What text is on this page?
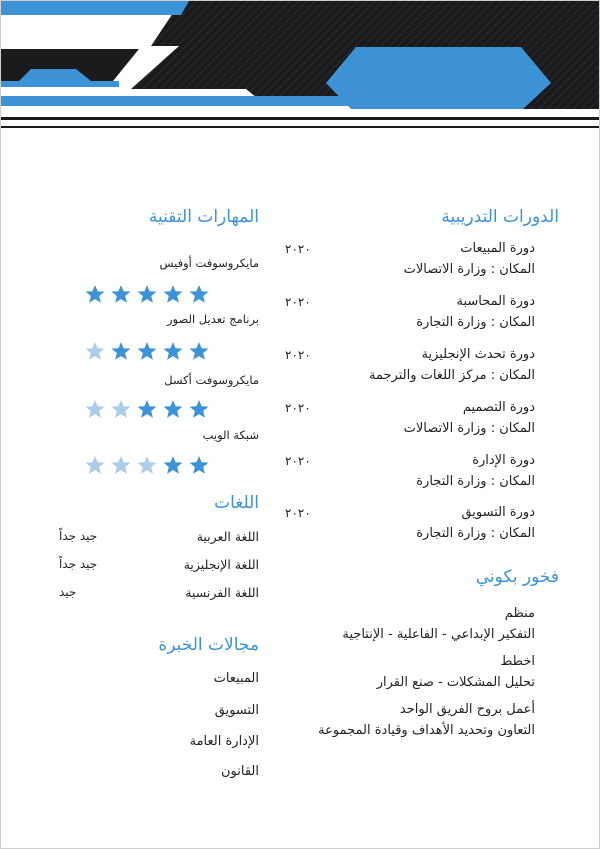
الدورات التدريبية
المهارات التقنية
دورة المبيعات
٢٠٢٠
المكان : وزارة الاتصالات
دورة المحاسبة
٢٠٢٠
المكان : وزارة التجارة
دورة تحدث الإنجليزية
٢٠٢٠
المكان : مركز اللغات والترجمة
دورة التصميم
٢٠٢٠
المكان : وزارة الاتصالات
دورة الإدارة
٢٠٢٠
المكان : وزارة التجارة
دورة التسويق
٢٠٢٠
المكان : وزارة التجارة
فخور بكوني
منظم
التفكير الإبداعي - الفاعلية - الإنتاجية
اخطط
تحليل المشكلات - صنع القرار
أعمل بروح الفريق الواحد
التعاون وتحديد الأهداف وقيادة المجموعة
مايكروسوفت أوفيس
برنامج تعديل الصور
مايكروسوفت أكسل
شبكة الويب
اللغات
اللغة العربية
جيد جداً
اللغة الإنجليزية
جيد جداً
اللغة الفرنسية
جيد
مجالات الخبرة
المبيعات
التسويق
الإدارة العامة
القانون
